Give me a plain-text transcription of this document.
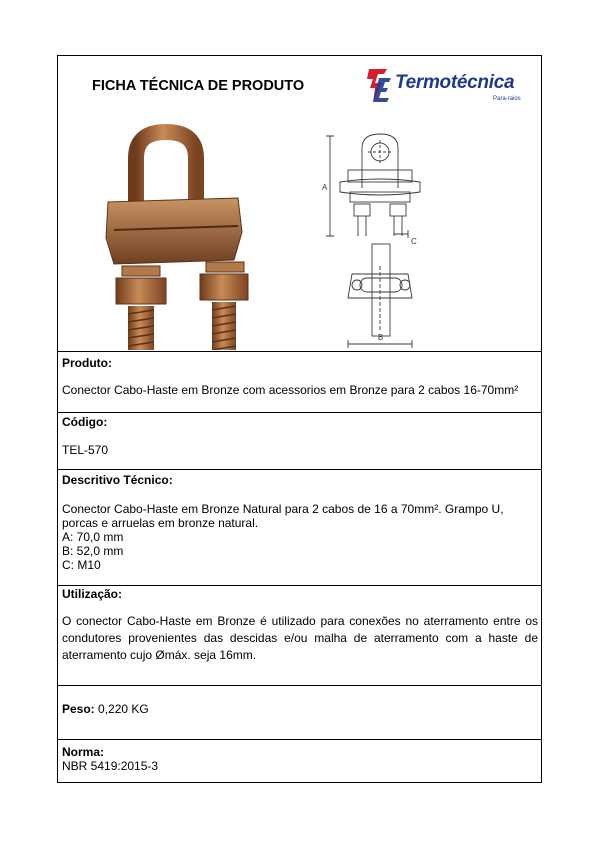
FICHA TÉCNICA DE PRODUTO	Termotécnica
Para-raios
A
C
B
Produto:
Conector Cabo-Haste em Bronze com acessorios em Bronze para 2 cabos 16-70mm²
Código:
TEL-570
Descritivo Técnico:
Conector Cabo-Haste em Bronze Natural para 2 cabos de 16 a 70mm². Grampo U,
porcas e arruelas em bronze natural.
A: 70,0 mm
B: 52,0 mm
C: M10
Utilização:
O conector Cabo-Haste em Bronze é utilizado para conexões no aterramento entre os condutores provenientes das descidas e/ou malha de aterramento com a haste de aterramento cujo Ømáx. seja 16mm.
Peso: 0,220 KG
Norma:
NBR 5419:2015-3
